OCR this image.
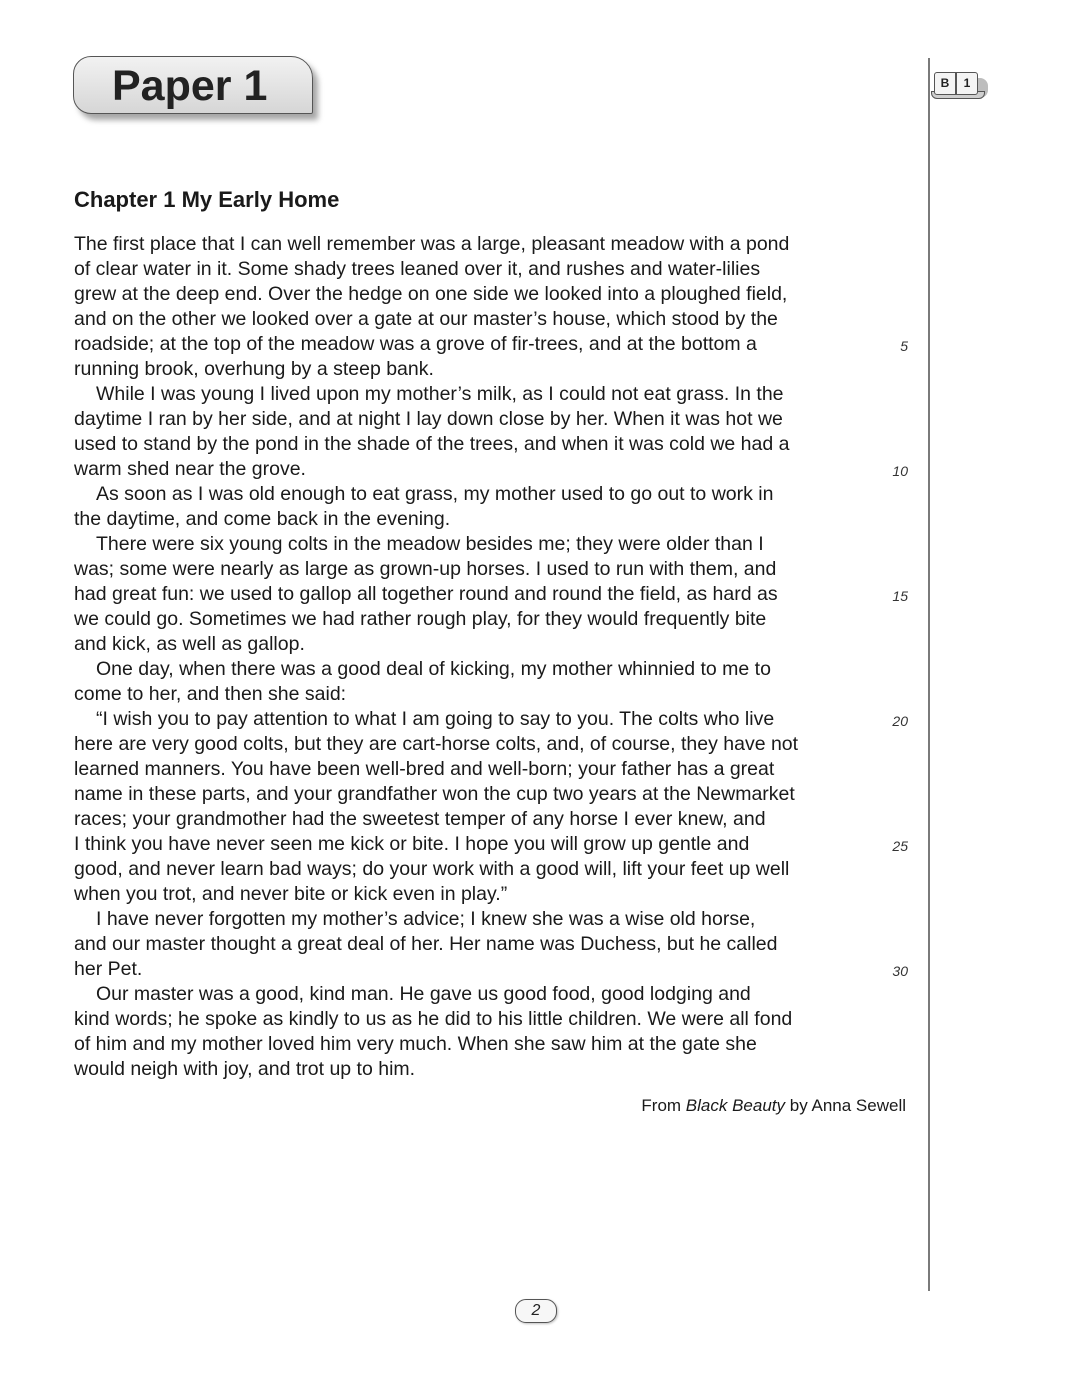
Paper 1	B	1
Chapter 1 My Early Home
The first place that I can well remember was a large, pleasant meadow with a pond
of clear water in it. Some shady trees leaned over it, and rushes and water-lilies
grew at the deep end. Over the hedge on one side we looked into a ploughed field,
and on the other we looked over a gate at our master’s house, which stood by the
roadside; at the top of the meadow was a grove of fir-trees, and at the bottom a
running brook, overhung by a steep bank.
While I was young I lived upon my mother’s milk, as I could not eat grass. In the
daytime I ran by her side, and at night I lay down close by her. When it was hot we
used to stand by the pond in the shade of the trees, and when it was cold we had a
warm shed near the grove.
As soon as I was old enough to eat grass, my mother used to go out to work in
the daytime, and come back in the evening.
There were six young colts in the meadow besides me; they were older than I
was; some were nearly as large as grown-up horses. I used to run with them, and
had great fun: we used to gallop all together round and round the field, as hard as
we could go. Sometimes we had rather rough play, for they would frequently bite
and kick, as well as gallop.
One day, when there was a good deal of kicking, my mother whinnied to me to
come to her, and then she said:
“I wish you to pay attention to what I am going to say to you. The colts who live
here are very good colts, but they are cart-horse colts, and, of course, they have not
learned manners. You have been well-bred and well-born; your father has a great
name in these parts, and your grandfather won the cup two years at the Newmarket
races; your grandmother had the sweetest temper of any horse I ever knew, and
I think you have never seen me kick or bite. I hope you will grow up gentle and
good, and never learn bad ways; do your work with a good will, lift your feet up well
when you trot, and never bite or kick even in play.”
I have never forgotten my mother’s advice; I knew she was a wise old horse,
and our master thought a great deal of her. Her name was Duchess, but he called
her Pet.
Our master was a good, kind man. He gave us good food, good lodging and
kind words; he spoke as kindly to us as he did to his little children. We were all fond
of him and my mother loved him very much. When she saw him at the gate she
would neigh with joy, and trot up to him.
5
10
15
20
25
30
From Black Beauty by Anna Sewell
2
